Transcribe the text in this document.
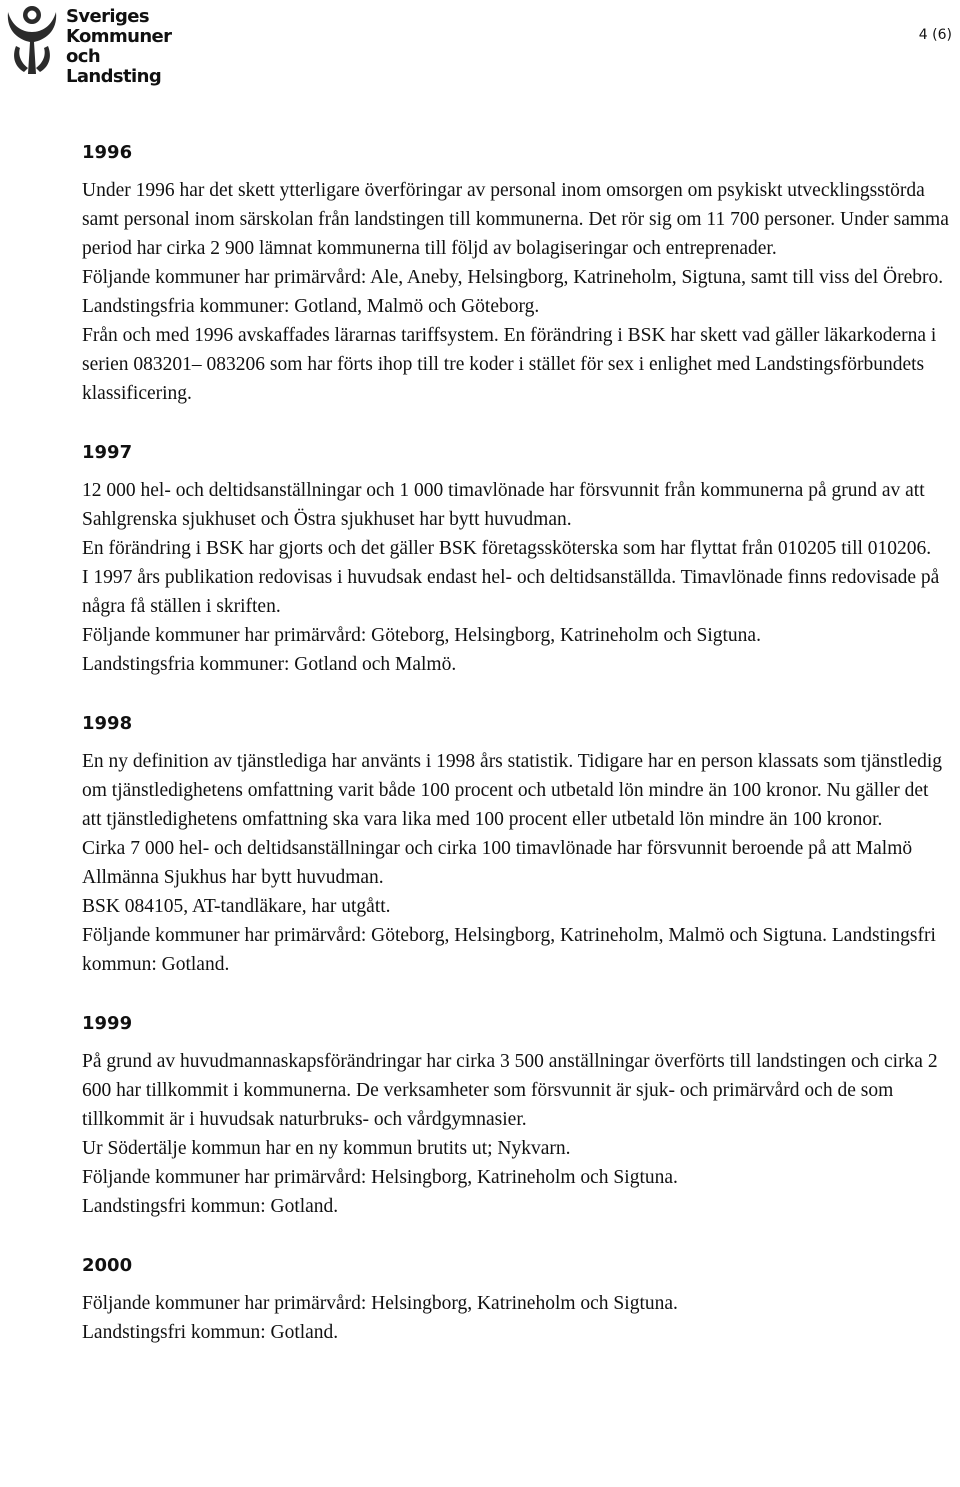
Sveriges
Kommuner
och Landsting
4 (6)
1996

Under 1996 har det skett ytterligare överföringar av personal inom omsorgen om psykiskt utvecklingsstörda samt personal inom särskolan från landstingen till kommunerna. Det rör sig om 11 700 personer. Under samma period har cirka 2 900 lämnat kommunerna till följd av bolagiseringar och entreprenader.

Följande kommuner har primärvård: Ale, Aneby, Helsingborg, Katrineholm, Sigtuna, samt till viss del Örebro.

Landstingsfria kommuner: Gotland, Malmö och Göteborg.

Från och med 1996 avskaffades lärarnas tariffsystem. En förändring i BSK har skett vad gäller läkarkoderna i serien 083201– 083206 som har förts ihop till tre koder i stället för sex i enlighet med Landstingsförbundets klassificering.

1997

12 000 hel- och deltidsanställningar och 1 000 timavlönade har försvunnit från kommunerna på grund av att Sahlgrenska sjukhuset och Östra sjukhuset har bytt huvudman.

En förändring i BSK har gjorts och det gäller BSK företagssköterska som har flyttat från 010205 till 010206.

I 1997 års publikation redovisas i huvudsak endast hel- och deltidsanställda. Timavlönade finns redovisade på några få ställen i skriften.

Följande kommuner har primärvård: Göteborg, Helsingborg, Katrineholm och Sigtuna.

Landstingsfria kommuner: Gotland och Malmö.

1998

En ny definition av tjänstlediga har använts i 1998 års statistik. Tidigare har en person klassats som tjänstledig om tjänstledighetens omfattning varit både 100 procent och utbetald lön mindre än 100 kronor. Nu gäller det att tjänstledighetens omfattning ska vara lika med 100 procent eller utbetald lön mindre än 100 kronor.

Cirka 7 000 hel- och deltidsanställningar och cirka 100 timavlönade har försvunnit beroende på att Malmö Allmänna Sjukhus har bytt huvudman.

BSK 084105, AT-tandläkare, har utgått.

Följande kommuner har primärvård: Göteborg, Helsingborg, Katrineholm, Malmö och Sigtuna. Landstingsfri kommun: Gotland.

1999

På grund av huvudmannaskapsförändringar har cirka 3 500 anställningar överförts till landstingen och cirka 2 600 har tillkommit i kommunerna. De verksamheter som försvunnit är sjuk- och primärvård och de som tillkommit är i huvudsak naturbruks- och vårdgymnasier.

Ur Södertälje kommun har en ny kommun brutits ut; Nykvarn.

Följande kommuner har primärvård: Helsingborg, Katrineholm och Sigtuna.

Landstingsfri kommun: Gotland.

2000

Följande kommuner har primärvård: Helsingborg, Katrineholm och Sigtuna.

Landstingsfri kommun: Gotland.
